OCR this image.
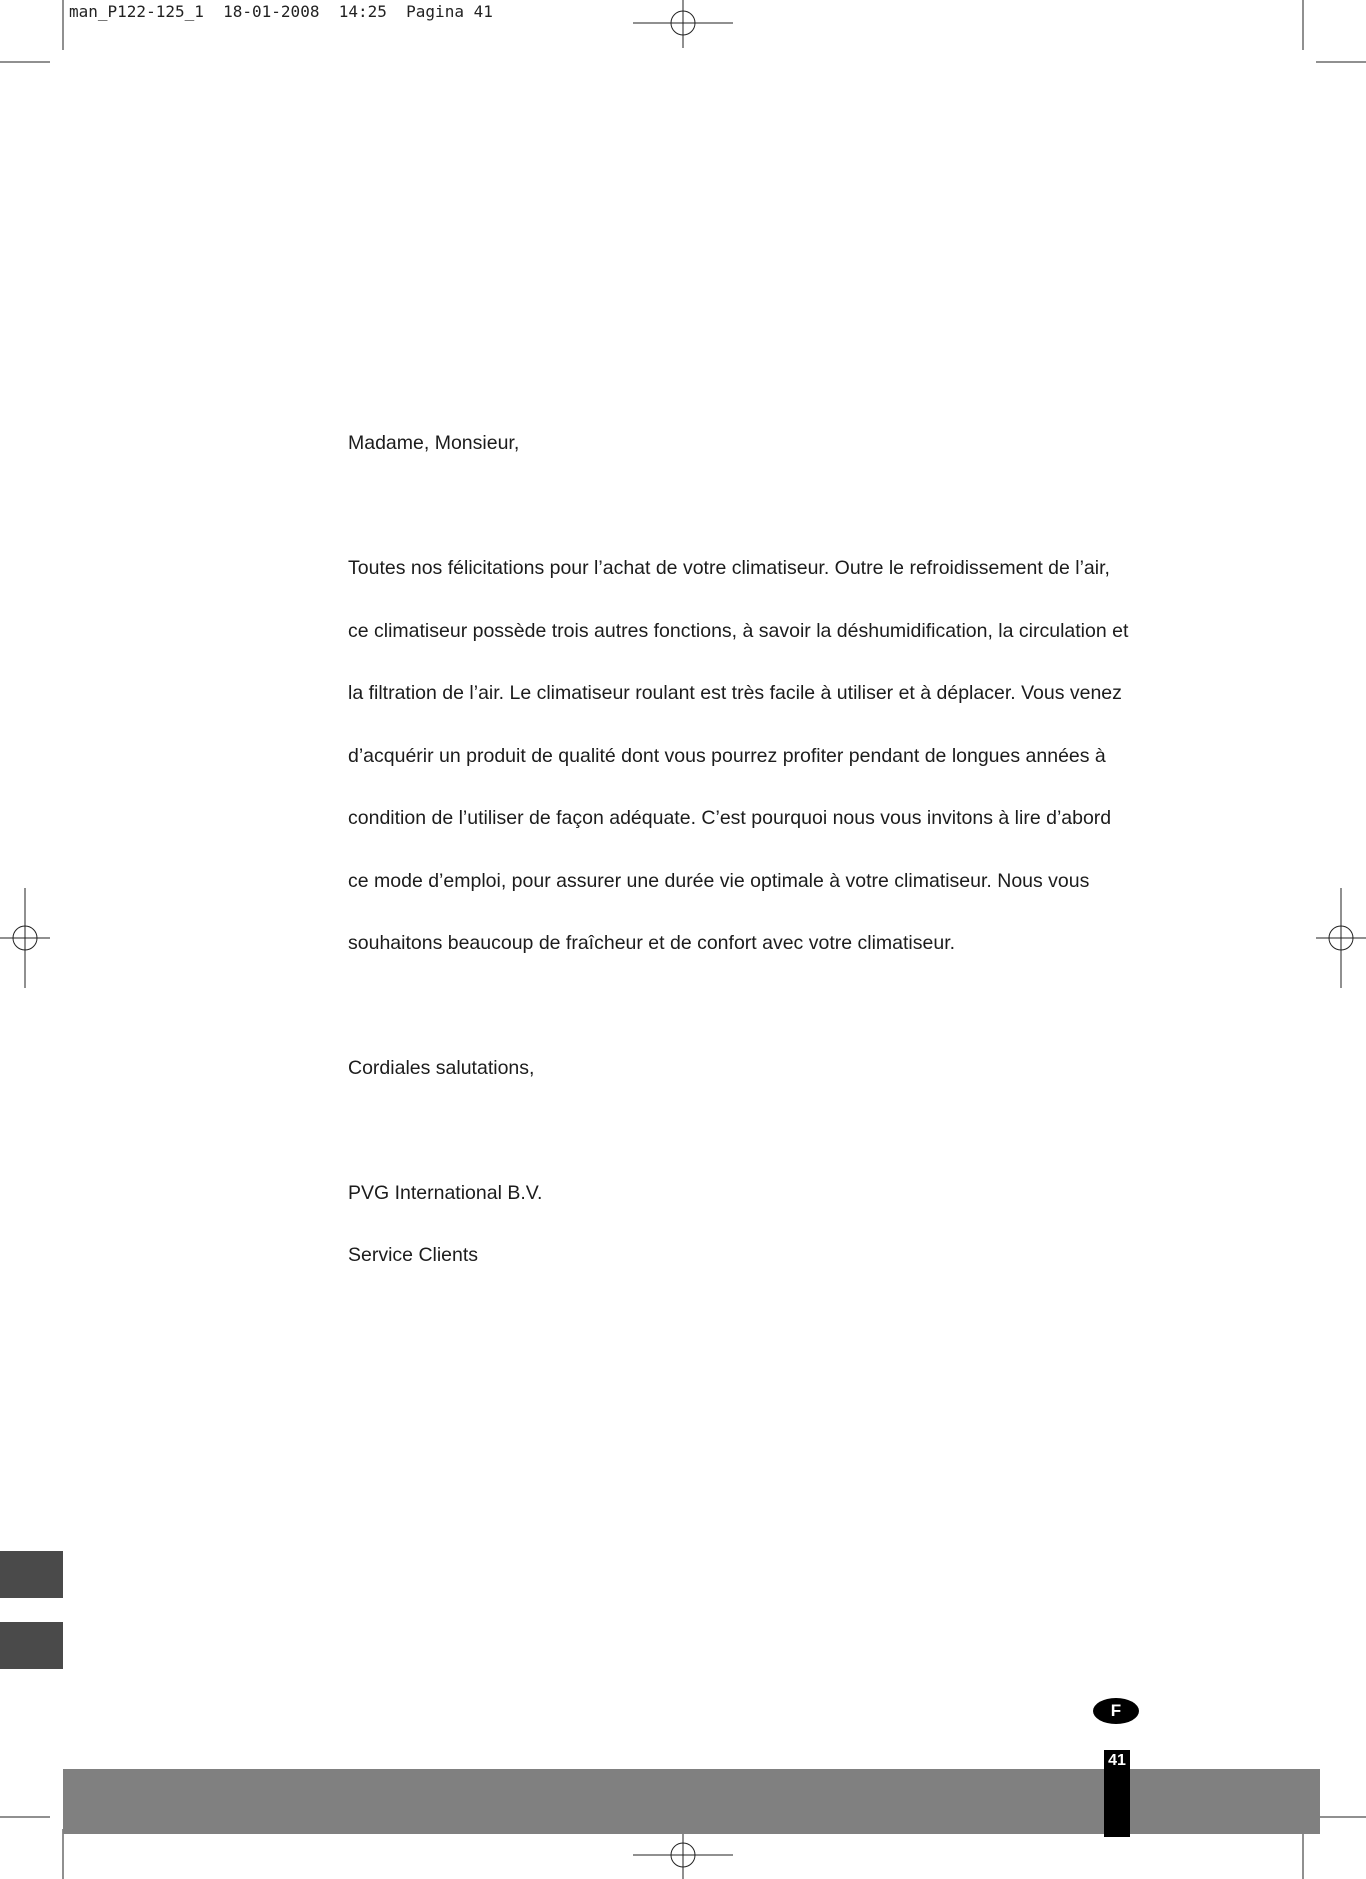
man_P122-125_1 18-01-2008 14:25 Pagina 41
Madame, Monsieur,
Toutes nos félicitations pour l’achat de votre climatiseur. Outre le refroidissement de l’air,
ce climatiseur possède trois autres fonctions, à savoir la déshumidification, la circulation et
la filtration de l’air. Le climatiseur roulant est très facile à utiliser et à déplacer. Vous venez
d’acquérir un produit de qualité dont vous pourrez profiter pendant de longues années à
condition de l’utiliser de façon adéquate. C’est pourquoi nous vous invitons à lire d’abord
ce mode d’emploi, pour assurer une durée vie optimale à votre climatiseur. Nous vous
souhaitons beaucoup de fraîcheur et de confort avec votre climatiseur.
Cordiales salutations,
PVG International B.V.
Service Clients
F
41
